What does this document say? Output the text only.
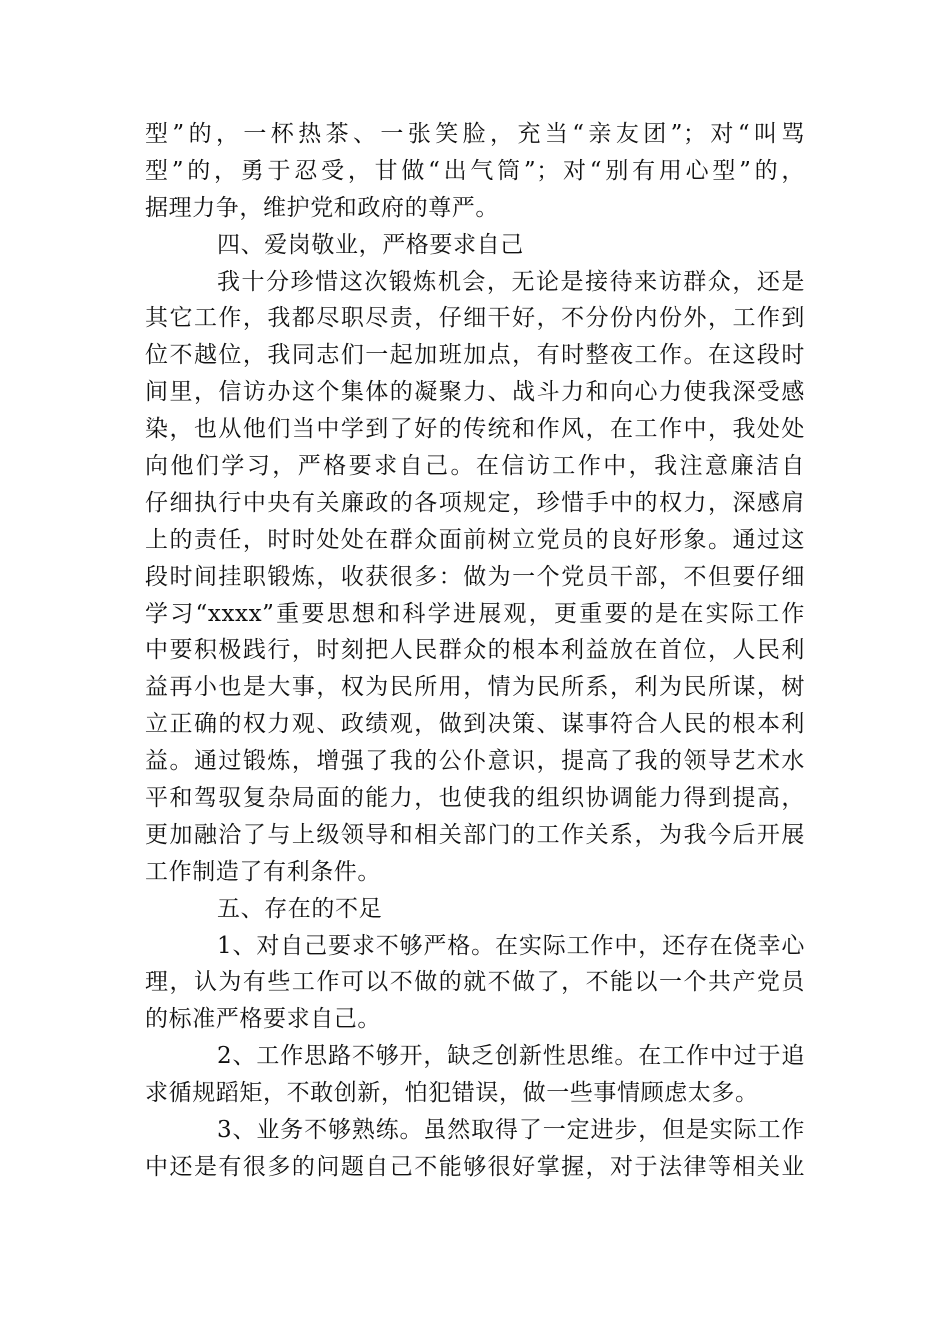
型”的，一杯热茶、一张笑脸，充当“亲友团”；对“叫骂
型”的，勇于忍受，甘做“出气筒”；对“别有用心型”的，
据理力争，维护党和政府的尊严。
四、爱岗敬业，严格要求自己
我十分珍惜这次锻炼机会，无论是接待来访群众，还是
其它工作，我都尽职尽责，仔细干好，不分份内份外，工作到
位不越位，我同志们一起加班加点，有时整夜工作。在这段时
间里，信访办这个集体的凝聚力、战斗力和向心力使我深受感
染，也从他们当中学到了好的传统和作风，在工作中，我处处
向他们学习，严格要求自己。在信访工作中，我注意廉洁自
仔细执行中央有关廉政的各项规定，珍惜手中的权力，深感肩
上的责任，时时处处在群众面前树立党员的良好形象。通过这
段时间挂职锻炼，收获很多：做为一个党员干部，不但要仔细
学习“xxxx”重要思想和科学进展观，更重要的是在实际工作
中要积极践行，时刻把人民群众的根本利益放在首位，人民利
益再小也是大事，权为民所用，情为民所系，利为民所谋，树
立正确的权力观、政绩观，做到决策、谋事符合人民的根本利
益。通过锻炼，增强了我的公仆意识，提高了我的领导艺术水
平和驾驭复杂局面的能力，也使我的组织协调能力得到提高，
更加融洽了与上级领导和相关部门的工作关系，为我今后开展
工作制造了有利条件。
五、存在的不足
1、对自己要求不够严格。在实际工作中，还存在侥幸心
理，认为有些工作可以不做的就不做了，不能以一个共产党员
的标准严格要求自己。
2、工作思路不够开，缺乏创新性思维。在工作中过于追
求循规蹈矩，不敢创新，怕犯错误，做一些事情顾虑太多。
3、业务不够熟练。虽然取得了一定进步，但是实际工作
中还是有很多的问题自己不能够很好掌握，对于法律等相关业
